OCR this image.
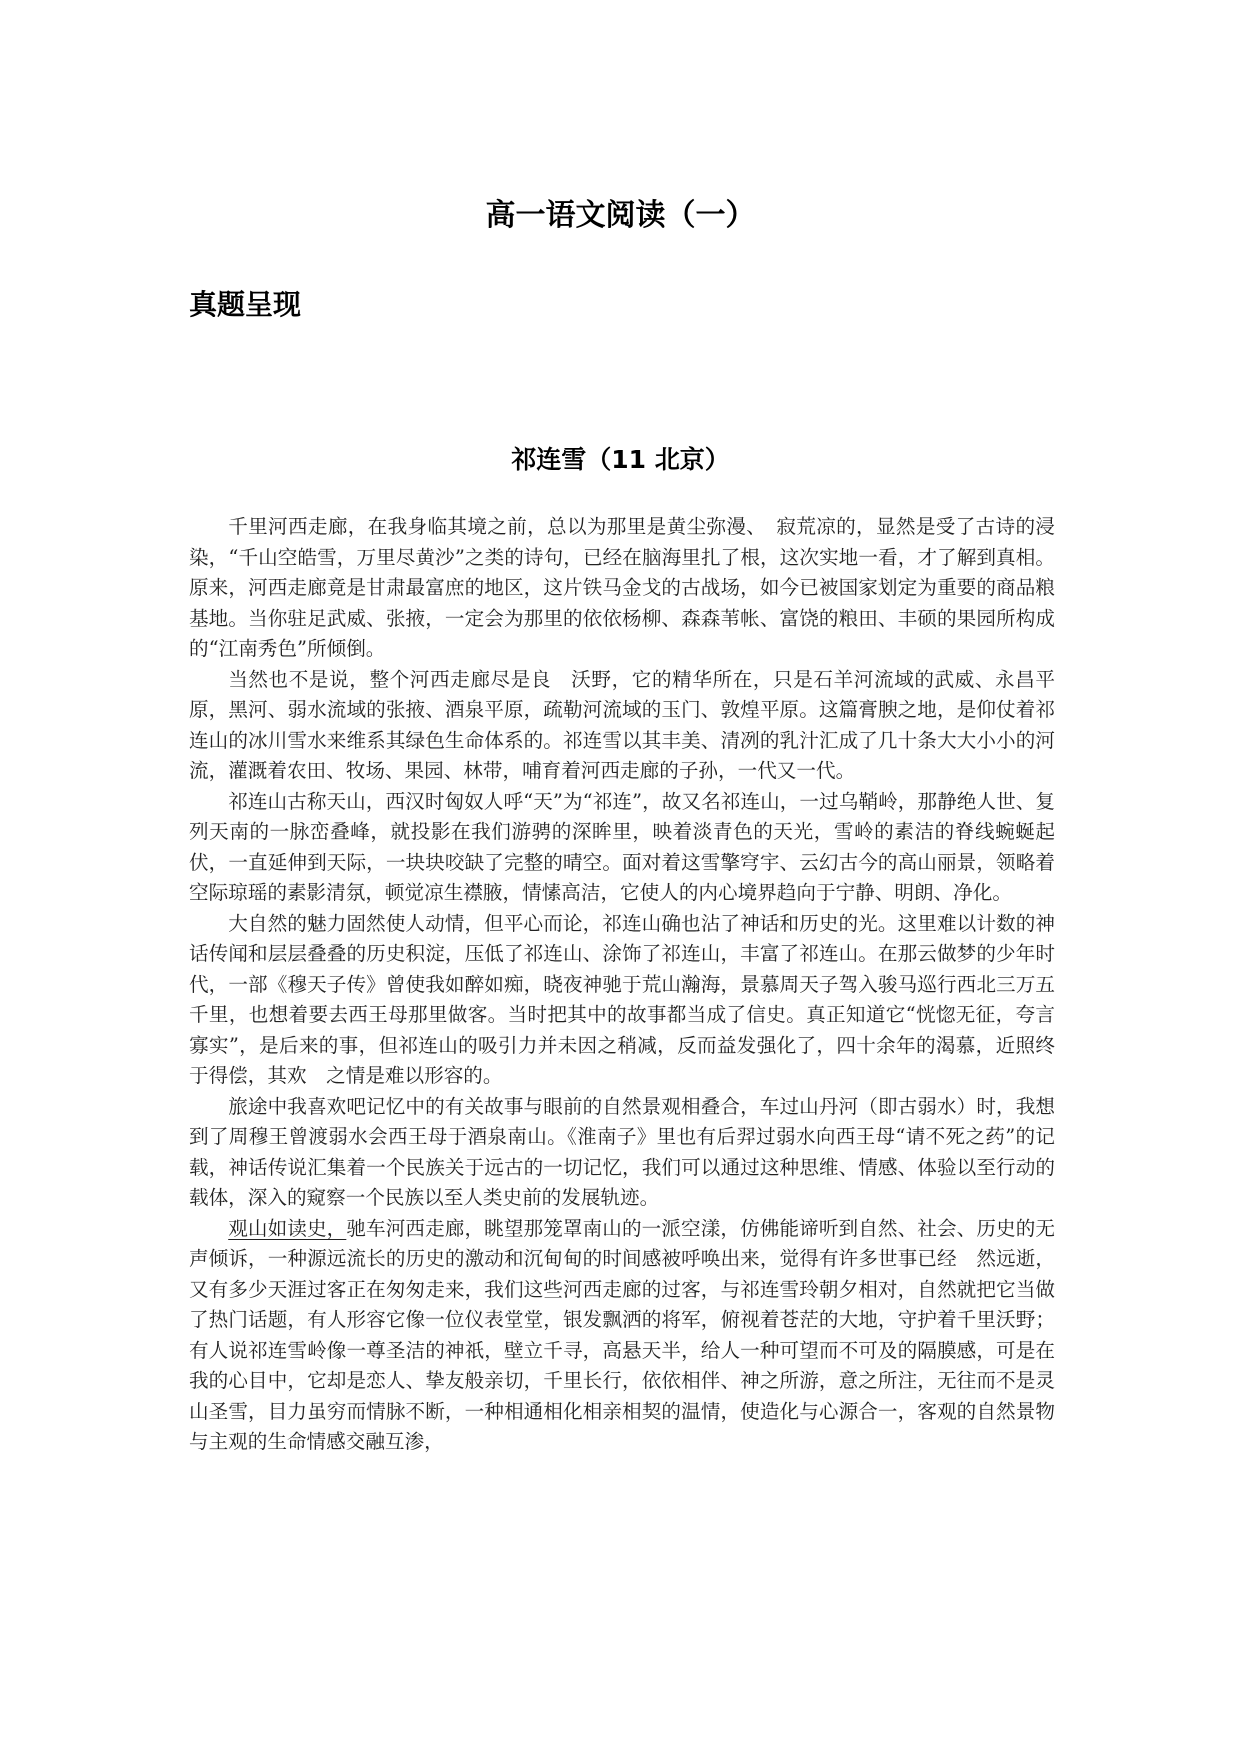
高一语文阅读（一）
真题呈现
祁连雪（11 北京）

千里河西走廊，在我身临其境之前，总以为那里是黄尘弥漫、　寂荒凉的，显然是受了古诗的浸染，“千山空皓雪，万里尽黄沙”之类的诗句，已经在脑海里扎了根，这次实地一看，才了解到真相。原来，河西走廊竟是甘肃最富庶的地区，这片铁马金戈的古战场，如今已被国家划定为重要的商品粮基地。当你驻足武威、张掖，一定会为那里的依依杨柳、森森苇帐、富饶的粮田、丰硕的果园所构成的“江南秀色”所倾倒。

当然也不是说，整个河西走廊尽是良　沃野，它的精华所在，只是石羊河流域的武威、永昌平原，黑河、弱水流域的张掖、酒泉平原，疏勒河流域的玉门、敦煌平原。这篇膏腴之地，是仰仗着祁连山的冰川雪水来维系其绿色生命体系的。祁连雪以其丰美、清冽的乳汁汇成了几十条大大小小的河流，灌溉着农田、牧场、果园、林带，哺育着河西走廊的子孙，一代又一代。

祁连山古称天山，西汉时匈奴人呼“天”为“祁连”，故又名祁连山，一过乌鞘岭，那静绝人世、复列天南的一脉峦叠峰，就投影在我们游骋的深眸里，映着淡青色的天光，雪岭的素洁的脊线蜿蜒起伏，一直延伸到天际，一块块咬缺了完整的晴空。面对着这雪擎穹宇、云幻古今的高山丽景，领略着空际琼瑶的素影清氛，顿觉凉生襟腋，情愫高洁，它使人的内心境界趋向于宁静、明朗、净化。

大自然的魅力固然使人动情，但平心而论，祁连山确也沾了神话和历史的光。这里难以计数的神话传闻和层层叠叠的历史积淀，压低了祁连山、涂饰了祁连山，丰富了祁连山。在那云做梦的少年时代，一部《穆天子传》曾使我如醉如痴，晓夜神驰于荒山瀚海，景慕周天子驾入骏马巡行西北三万五千里，也想着要去西王母那里做客。当时把其中的故事都当成了信史。真正知道它“恍惚无征，夸言寡实”，是后来的事，但祁连山的吸引力并未因之稍减，反而益发强化了，四十余年的渴慕，近照终于得偿，其欢　之情是难以形容的。

旅途中我喜欢吧记忆中的有关故事与眼前的自然景观相叠合，车过山丹河（即古弱水）时，我想到了周穆王曾渡弱水会西王母于酒泉南山。《淮南子》里也有后羿过弱水向西王母“请不死之药”的记载，神话传说汇集着一个民族关于远古的一切记忆，我们可以通过这种思维、情感、体验以至行动的载体，深入的窥察一个民族以至人类史前的发展轨迹。

观山如读史，驰车河西走廊，眺望那笼罩南山的一派空漾，仿佛能谛听到自然、社会、历史的无声倾诉，一种源远流长的历史的激动和沉甸甸的时间感被呼唤出来，觉得有许多世事已经　然远逝，又有多少天涯过客正在匆匆走来，我们这些河西走廊的过客，与祁连雪玲朝夕相对，自然就把它当做了热门话题，有人形容它像一位仪表堂堂，银发飘洒的将军，俯视着苍茫的大地，守护着千里沃野；有人说祁连雪岭像一尊圣洁的神祇，壁立千寻，高悬天半，给人一种可望而不可及的隔膜感，可是在我的心目中，它却是恋人、挚友般亲切，千里长行，依依相伴、神之所游，意之所注，无往而不是灵山圣雪，目力虽穷而情脉不断，一种相通相化相亲相契的温情，使造化与心源合一，客观的自然景物与主观的生命情感交融互渗，
